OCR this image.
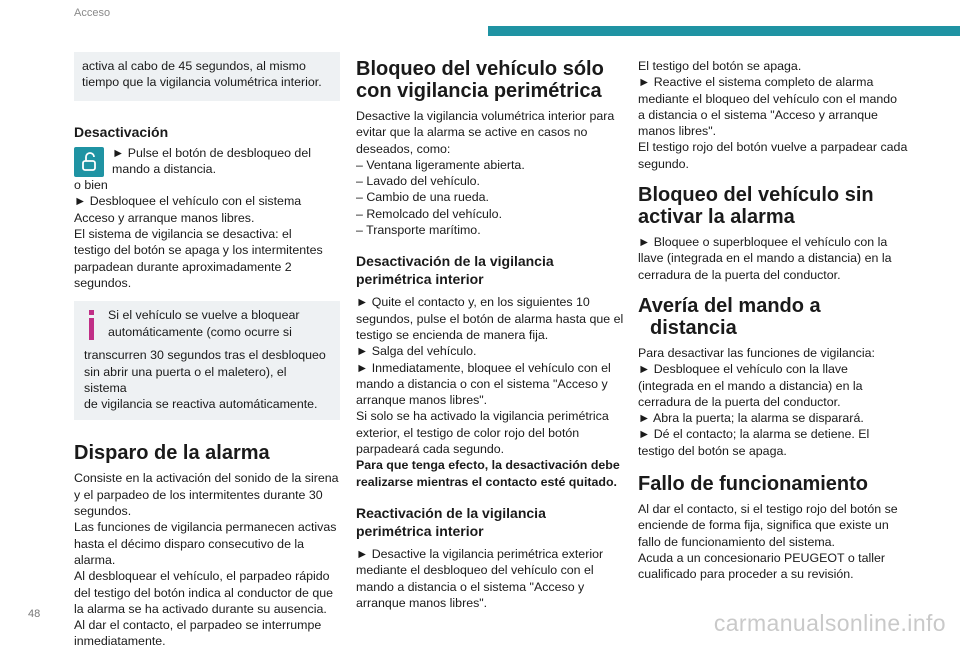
Acceso

activa al cabo de 45 segundos, al mismo

tiempo que la vigilancia volumétrica interior.

Desactivación

► Pulse el botón de desbloqueo del

mando a distancia.

o bien

► Desbloquee el vehículo con el sistema

Acceso y arranque manos libres.

El sistema de vigilancia se desactiva: el

testigo del botón se apaga y los intermitentes

parpadean durante aproximadamente 2

segundos.

Si el vehículo se vuelve a bloquear

automáticamente (como ocurre si

transcurren 30 segundos tras el desbloqueo

sin abrir una puerta o el maletero), el sistema

de vigilancia se reactiva automáticamente.

Disparo de la alarma

Consiste en la activación del sonido de la sirena

y el parpadeo de los intermitentes durante 30

segundos.

Las funciones de vigilancia permanecen activas

hasta el décimo disparo consecutivo de la

alarma.

Al desbloquear el vehículo, el parpadeo rápido

del testigo del botón indica al conductor de que

la alarma se ha activado durante su ausencia.

Al dar el contacto, el parpadeo se interrumpe

inmediatamente.

Bloqueo del vehículo sólo
con vigilancia perimétrica

Desactive la vigilancia volumétrica interior para

evitar que la alarma se active en casos no

deseados, como:

– Ventana ligeramente abierta.

– Lavado del vehículo.

– Cambio de una rueda.

– Remolcado del vehículo.

– Transporte marítimo.

Desactivación de la vigilancia
perimétrica interior

► Quite el contacto y, en los siguientes 10

segundos, pulse el botón de alarma hasta que el

testigo se encienda de manera fija.

► Salga del vehículo.

► Inmediatamente, bloquee el vehículo con el

mando a distancia o con el sistema "Acceso y

arranque manos libres".

Si solo se ha activado la vigilancia perimétrica

exterior, el testigo de color rojo del botón

parpadeará cada segundo.

Para que tenga efecto, la desactivación debe

realizarse mientras el contacto esté quitado.

Reactivación de la vigilancia
perimétrica interior

► Desactive la vigilancia perimétrica exterior

mediante el desbloqueo del vehículo con el

mando a distancia o el sistema "Acceso y

arranque manos libres".

El testigo del botón se apaga.

► Reactive el sistema completo de alarma

mediante el bloqueo del vehículo con el mando

a distancia o el sistema "Acceso y arranque

manos libres".

El testigo rojo del botón vuelve a parpadear cada

segundo.

Bloqueo del vehículo sin
activar la alarma

► Bloquee o superbloquee el vehículo con la

llave (integrada en el mando a distancia) en la

cerradura de la puerta del conductor.

Avería del mando a
distancia

Para desactivar las funciones de vigilancia:

► Desbloquee el vehículo con la llave

(integrada en el mando a distancia) en la

cerradura de la puerta del conductor.

► Abra la puerta; la alarma se disparará.

► Dé el contacto; la alarma se detiene. El

testigo del botón se apaga.

Fallo de funcionamiento

Al dar el contacto, si el testigo rojo del botón se

enciende de forma fija, significa que existe un

fallo de funcionamiento del sistema.

Acuda a un concesionario PEUGEOT o taller

cualificado para proceder a su revisión.

48	carmanualsonline.info
